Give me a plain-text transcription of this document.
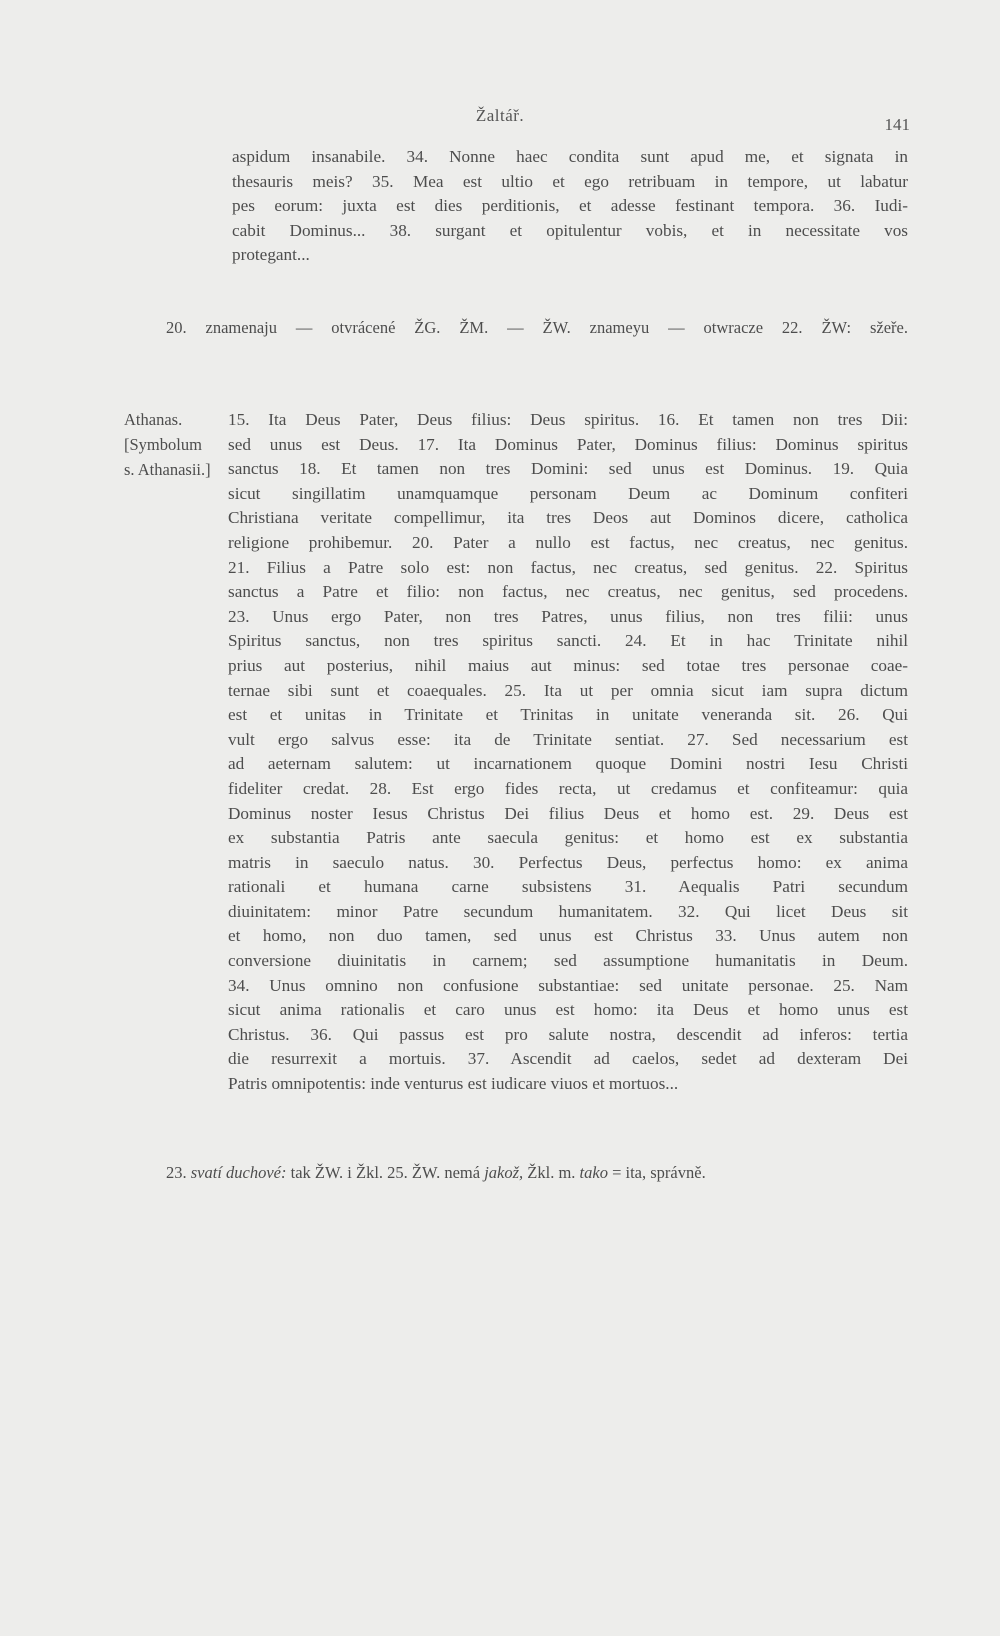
Žaltář.	141
aspidum insanabile. 34. Nonne haec condita sunt apud me, et signata in
thesauris meis? 35. Mea est ultio et ego retribuam in tempore, ut labatur
pes eorum: juxta est dies perditionis, et adesse festinant tempora. 36. Iudi-
cabit Dominus... 38. surgant et opitulentur vobis, et in necessitate vos
protegant...
20. znamenaju — otvrácené ŽG. ŽM. — ŽW. znameyu — otwracze 22. ŽW: sžeře.
Athanas.
[Symbolum
s. Athanasii.]
15. Ita Deus Pater, Deus filius: Deus spiritus. 16. Et tamen non tres Dii:
sed unus est Deus. 17. Ita Dominus Pater, Dominus filius: Dominus spiritus
sanctus 18. Et tamen non tres Domini: sed unus est Dominus. 19. Quia
sicut singillatim unamquamque personam Deum ac Dominum confiteri
Christiana veritate compellimur, ita tres Deos aut Dominos dicere, catholica
religione prohibemur. 20. Pater a nullo est factus, nec creatus, nec genitus.
21. Filius a Patre solo est: non factus, nec creatus, sed genitus. 22. Spiritus
sanctus a Patre et filio: non factus, nec creatus, nec genitus, sed procedens.
23. Unus ergo Pater, non tres Patres, unus filius, non tres filii: unus
Spiritus sanctus, non tres spiritus sancti. 24. Et in hac Trinitate nihil
prius aut posterius, nihil maius aut minus: sed totae tres personae coae-
ternae sibi sunt et coaequales. 25. Ita ut per omnia sicut iam supra dictum
est et unitas in Trinitate et Trinitas in unitate veneranda sit. 26. Qui
vult ergo salvus esse: ita de Trinitate sentiat. 27. Sed necessarium est
ad aeternam salutem: ut incarnationem quoque Domini nostri Iesu Christi
fideliter credat. 28. Est ergo fides recta, ut credamus et confiteamur: quia
Dominus noster Iesus Christus Dei filius Deus et homo est. 29. Deus est
ex substantia Patris ante saecula genitus: et homo est ex substantia
matris in saeculo natus. 30. Perfectus Deus, perfectus homo: ex anima
rationali et humana carne subsistens 31. Aequalis Patri secundum
diuinitatem: minor Patre secundum humanitatem. 32. Qui licet Deus sit
et homo, non duo tamen, sed unus est Christus 33. Unus autem non
conversione diuinitatis in carnem; sed assumptione humanitatis in Deum.
34. Unus omnino non confusione substantiae: sed unitate personae. 25. Nam
sicut anima rationalis et caro unus est homo: ita Deus et homo unus est
Christus. 36. Qui passus est pro salute nostra, descendit ad inferos: tertia
die resurrexit a mortuis. 37. Ascendit ad caelos, sedet ad dexteram Dei
Patris omnipotentis: inde venturus est iudicare viuos et mortuos...
23. svatí duchové: tak ŽW. i Žkl. 25. ŽW. nemá jakož, Žkl. m. tako = ita, správně.
